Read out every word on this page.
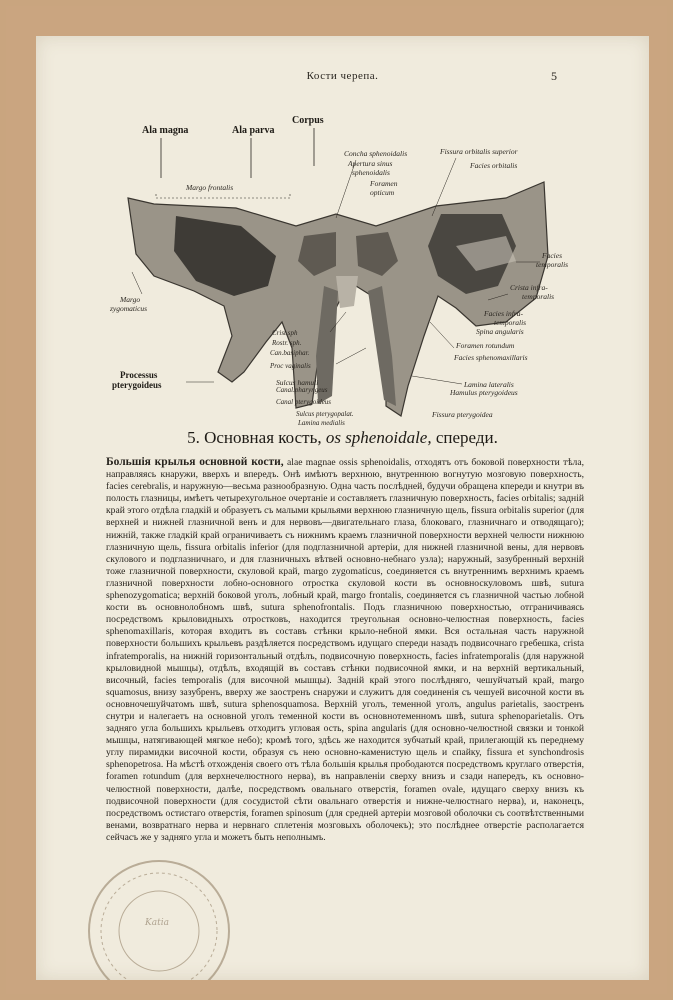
Кости черепа.	5
Ala magna	Ala parva
Corpus
Margo frontalis
Concha sphenoidalis
Apertura sinus
sphenoidalis
Foramen
opticum
Fissura orbitalis superior
Facies orbitalis
Facies
temporalis
Crista infra-
temporalis
Facies infra-
temporalis
Spina angularis
Foramen rotundum
Facies sphenomaxillaris
Lamina lateralis
Margo
zygomaticus
Processus
pterygoideus
Crist.sph
Rostr. sph.
Can.basiphar.
Proc vaginalis
Canal.pharyngeus
Canal pterygoideus
Sulcus pterygopalat.
Lamina medialis
Fissura pterygoidea
Sulcus hamuli
Hamulus pterygoideus
5. Основная кость, os sphenoidale, спереди.

Большія крылья основной кости, alae magnae ossis sphenoidalis, отходятъ отъ боковой поверхности тѣла, направляясь кнаружи, вверхъ и впередъ. Онѣ имѣютъ верхнюю, внутреннюю вогнутую мозговую поверхность, facies cerebralis, и наружную—весьма разнообразную. Одна часть послѣдней, будучи обращена кпереди и кнутри въ полость глазницы, имѣетъ четырехугольное очертаніе и составляетъ глазничную поверхность, facies orbitalis; задній край этого отдѣла гладкій и образуетъ съ малыми крыльями верхнюю глазничную щель, fissura orbitalis superior (для верхней и нижней глазничной венъ и для нервовъ—двигательнаго глаза, блоковаго, глазничнаго и отводящаго); нижній, также гладкій край ограничиваетъ съ нижнимъ краемъ глазничной поверхности верхней челюсти нижнюю глазничную щель, fissura orbitalis inferior (для подглазничной артеріи, для нижней глазничной вены, для нервовъ скулового и подглазничнаго, и для глазничныхъ вѣтвей основно-небнаго узла); наружный, зазубренный верхній тоже глазничной поверхности, скуловой край, margo zygomaticus, соединяется съ внутреннимъ верхнимъ краемъ глазничной поверхности лобно-основного отростка скуловой кости въ основноскуловомъ швѣ, sutura sphenozygomatica; верхній боковой уголъ, лобный край, margo frontalis, соединяется съ глазничной частью лобной кости въ основнолобномъ швѣ, sutura sphenofrontalis. Подъ глазничною поверхностью, отграничиваясь посредствомъ крыловидныхъ отростковъ, находится треугольная основно-челюстная поверхность, facies sphenomaxillaris, которая входитъ въ составъ стѣнки крыло-небной ямки. Вся остальная часть наружной поверхности большихъ крыльевъ раздѣляется посредствомъ идущаго спереди назадъ подвисочнаго гребешка, crista infratemporalis, на нижній горизонтальный отдѣлъ, подвисочную поверхность, facies infratemporalis (для наружной крыловидной мышцы), отдѣлъ, входящій въ составъ стѣнки подвисочной ямки, и на верхній вертикальный, височный, facies temporalis (для височной мышцы). Задній край этого послѣдняго, чешуйчатый край, margo squamosus, внизу зазубренъ, вверху же заостренъ снаружи и служитъ для соединенія съ чешуей височной кости въ основночешуйчатомъ швѣ, sutura sphenosquamosa. Верхній уголъ, теменной уголъ, angulus parietalis, заостренъ снутри и налегаетъ на основной уголъ теменной кости въ основнотеменномъ швѣ, sutura sphenoparietalis. Отъ задняго угла большихъ крыльевъ отходитъ угловая ость, spina angularis (для основно-челюстной связки и тонкой мышцы, натягивающей мягкое небо); кромѣ того, здѣсь же находится зубчатый край, прилегающій къ переднему углу пирамидки височной кости, образуя съ нею основно-каменистую щель и спайку, fissura et synchondrosis sphenopetrosa. На мѣстѣ отхожденія своего отъ тѣла большія крылья прободаются посредствомъ круглаго отверстія, foramen rotundum (для верхнечелюстного нерва), въ направленіи сверху внизъ и сзади напередъ, къ основно-челюстной поверхности, далѣе, посредствомъ овальнаго отверстія, foramen ovale, идущаго сверху внизъ къ подвисочной поверхности (для сосудистой сѣти овальнаго отверстія и нижне-челюстнаго нерва), и, наконецъ, посредствомъ остистаго отверстія, foramen spinosum (для средней артеріи мозговой оболочки съ соотвѣтственными венами, возвратнаго нерва и нервнаго сплетенія мозговыхъ оболочекъ); это послѣднее отверстіе располагается сейчасъ же у задняго угла и можетъ быть неполнымъ.

Katia
